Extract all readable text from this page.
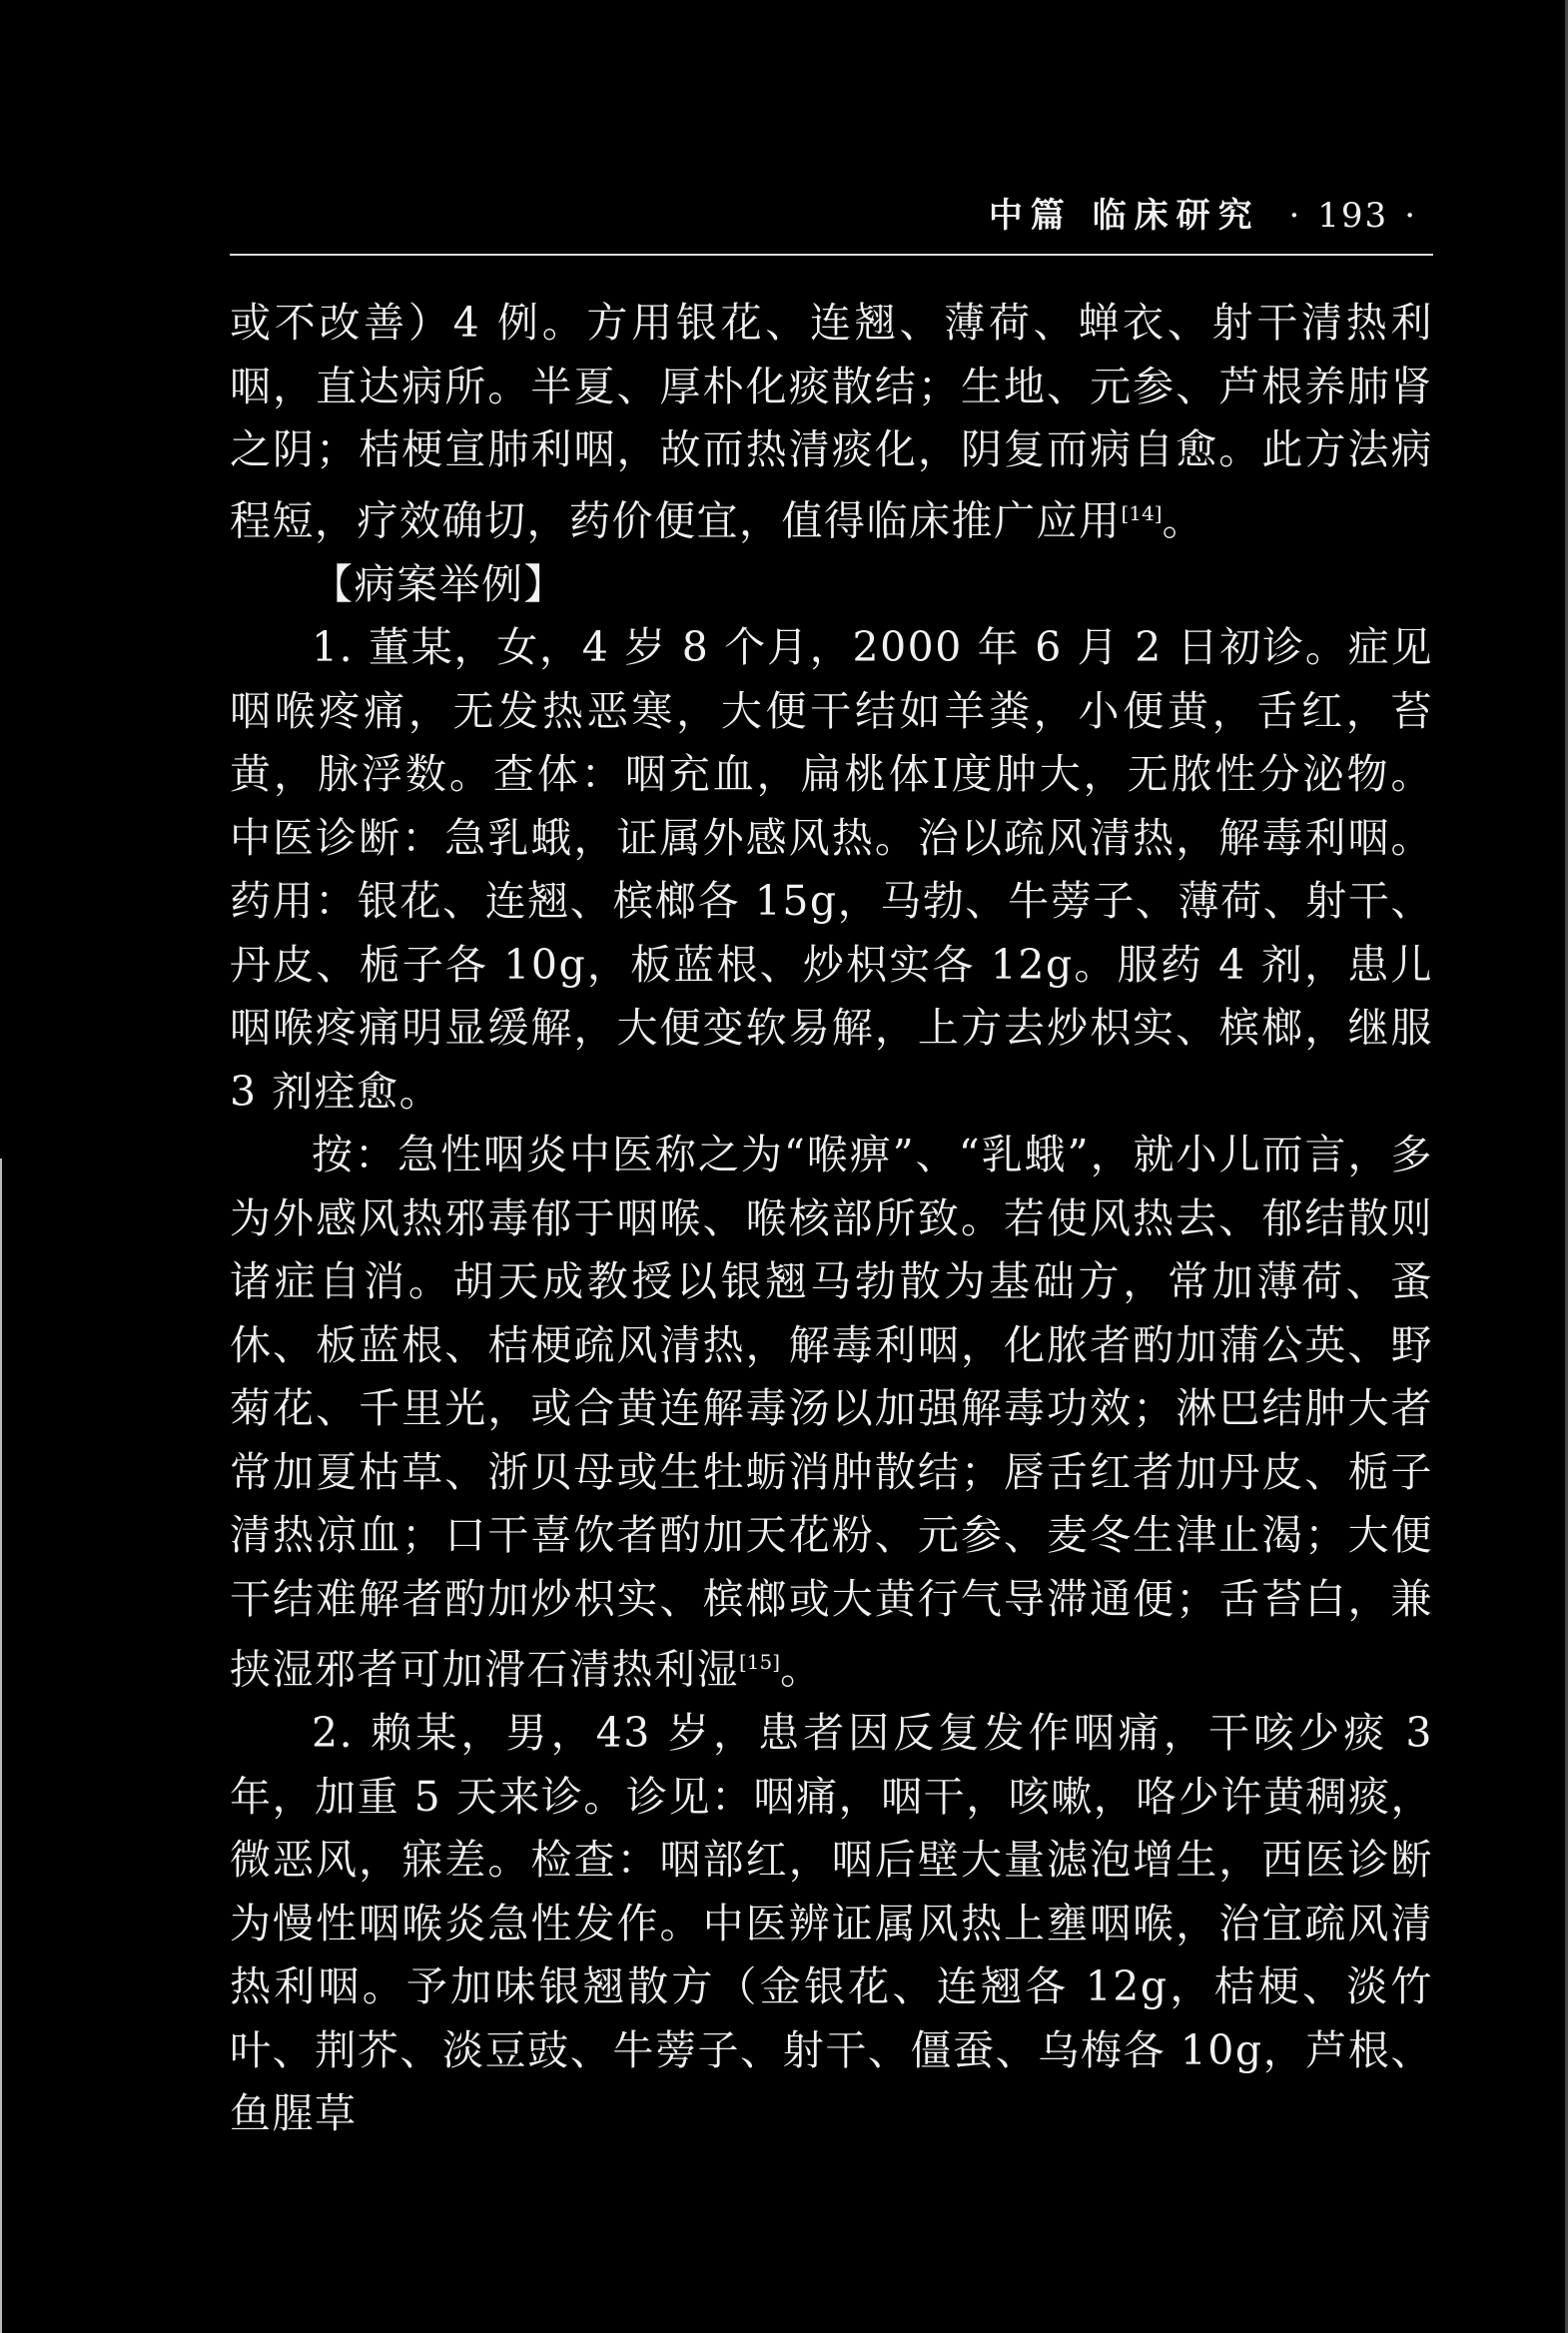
中篇 临床研究 · 193 ·

或不改善）4 例。方用银花、连翘、薄荷、蝉衣、射干清热利咽，直达病所。半夏、厚朴化痰散结；生地、元参、芦根养肺肾之阴；桔梗宣肺利咽，故而热清痰化，阴复而病自愈。此方法病程短，疗效确切，药价便宜，值得临床推广应用[14]。

【病案举例】

1. 董某，女，4 岁 8 个月，2000 年 6 月 2 日初诊。症见咽喉疼痛，无发热恶寒，大便干结如羊粪，小便黄，舌红，苔黄，脉浮数。查体：咽充血，扁桃体Ⅰ度肿大，无脓性分泌物。中医诊断：急乳蛾，证属外感风热。治以疏风清热，解毒利咽。药用：银花、连翘、槟榔各 15g，马勃、牛蒡子、薄荷、射干、丹皮、栀子各 10g，板蓝根、炒枳实各 12g。服药 4 剂，患儿咽喉疼痛明显缓解，大便变软易解，上方去炒枳实、槟榔，继服 3 剂痊愈。

按：急性咽炎中医称之为“喉痹”、“乳蛾”，就小儿而言，多为外感风热邪毒郁于咽喉、喉核部所致。若使风热去、郁结散则诸症自消。胡天成教授以银翘马勃散为基础方，常加薄荷、蚤休、板蓝根、桔梗疏风清热，解毒利咽，化脓者酌加蒲公英、野菊花、千里光，或合黄连解毒汤以加强解毒功效；淋巴结肿大者常加夏枯草、浙贝母或生牡蛎消肿散结；唇舌红者加丹皮、栀子清热凉血；口干喜饮者酌加天花粉、元参、麦冬生津止渴；大便干结难解者酌加炒枳实、槟榔或大黄行气导滞通便；舌苔白，兼挟湿邪者可加滑石清热利湿[15]。

2. 赖某，男，43 岁，患者因反复发作咽痛，干咳少痰 3 年，加重 5 天来诊。诊见：咽痛，咽干，咳嗽，咯少许黄稠痰，微恶风，寐差。检查：咽部红，咽后壁大量滤泡增生，西医诊断为慢性咽喉炎急性发作。中医辨证属风热上壅咽喉，治宜疏风清热利咽。予加味银翘散方（金银花、连翘各 12g，桔梗、淡竹叶、荆芥、淡豆豉、牛蒡子、射干、僵蚕、乌梅各 10g，芦根、鱼腥草
